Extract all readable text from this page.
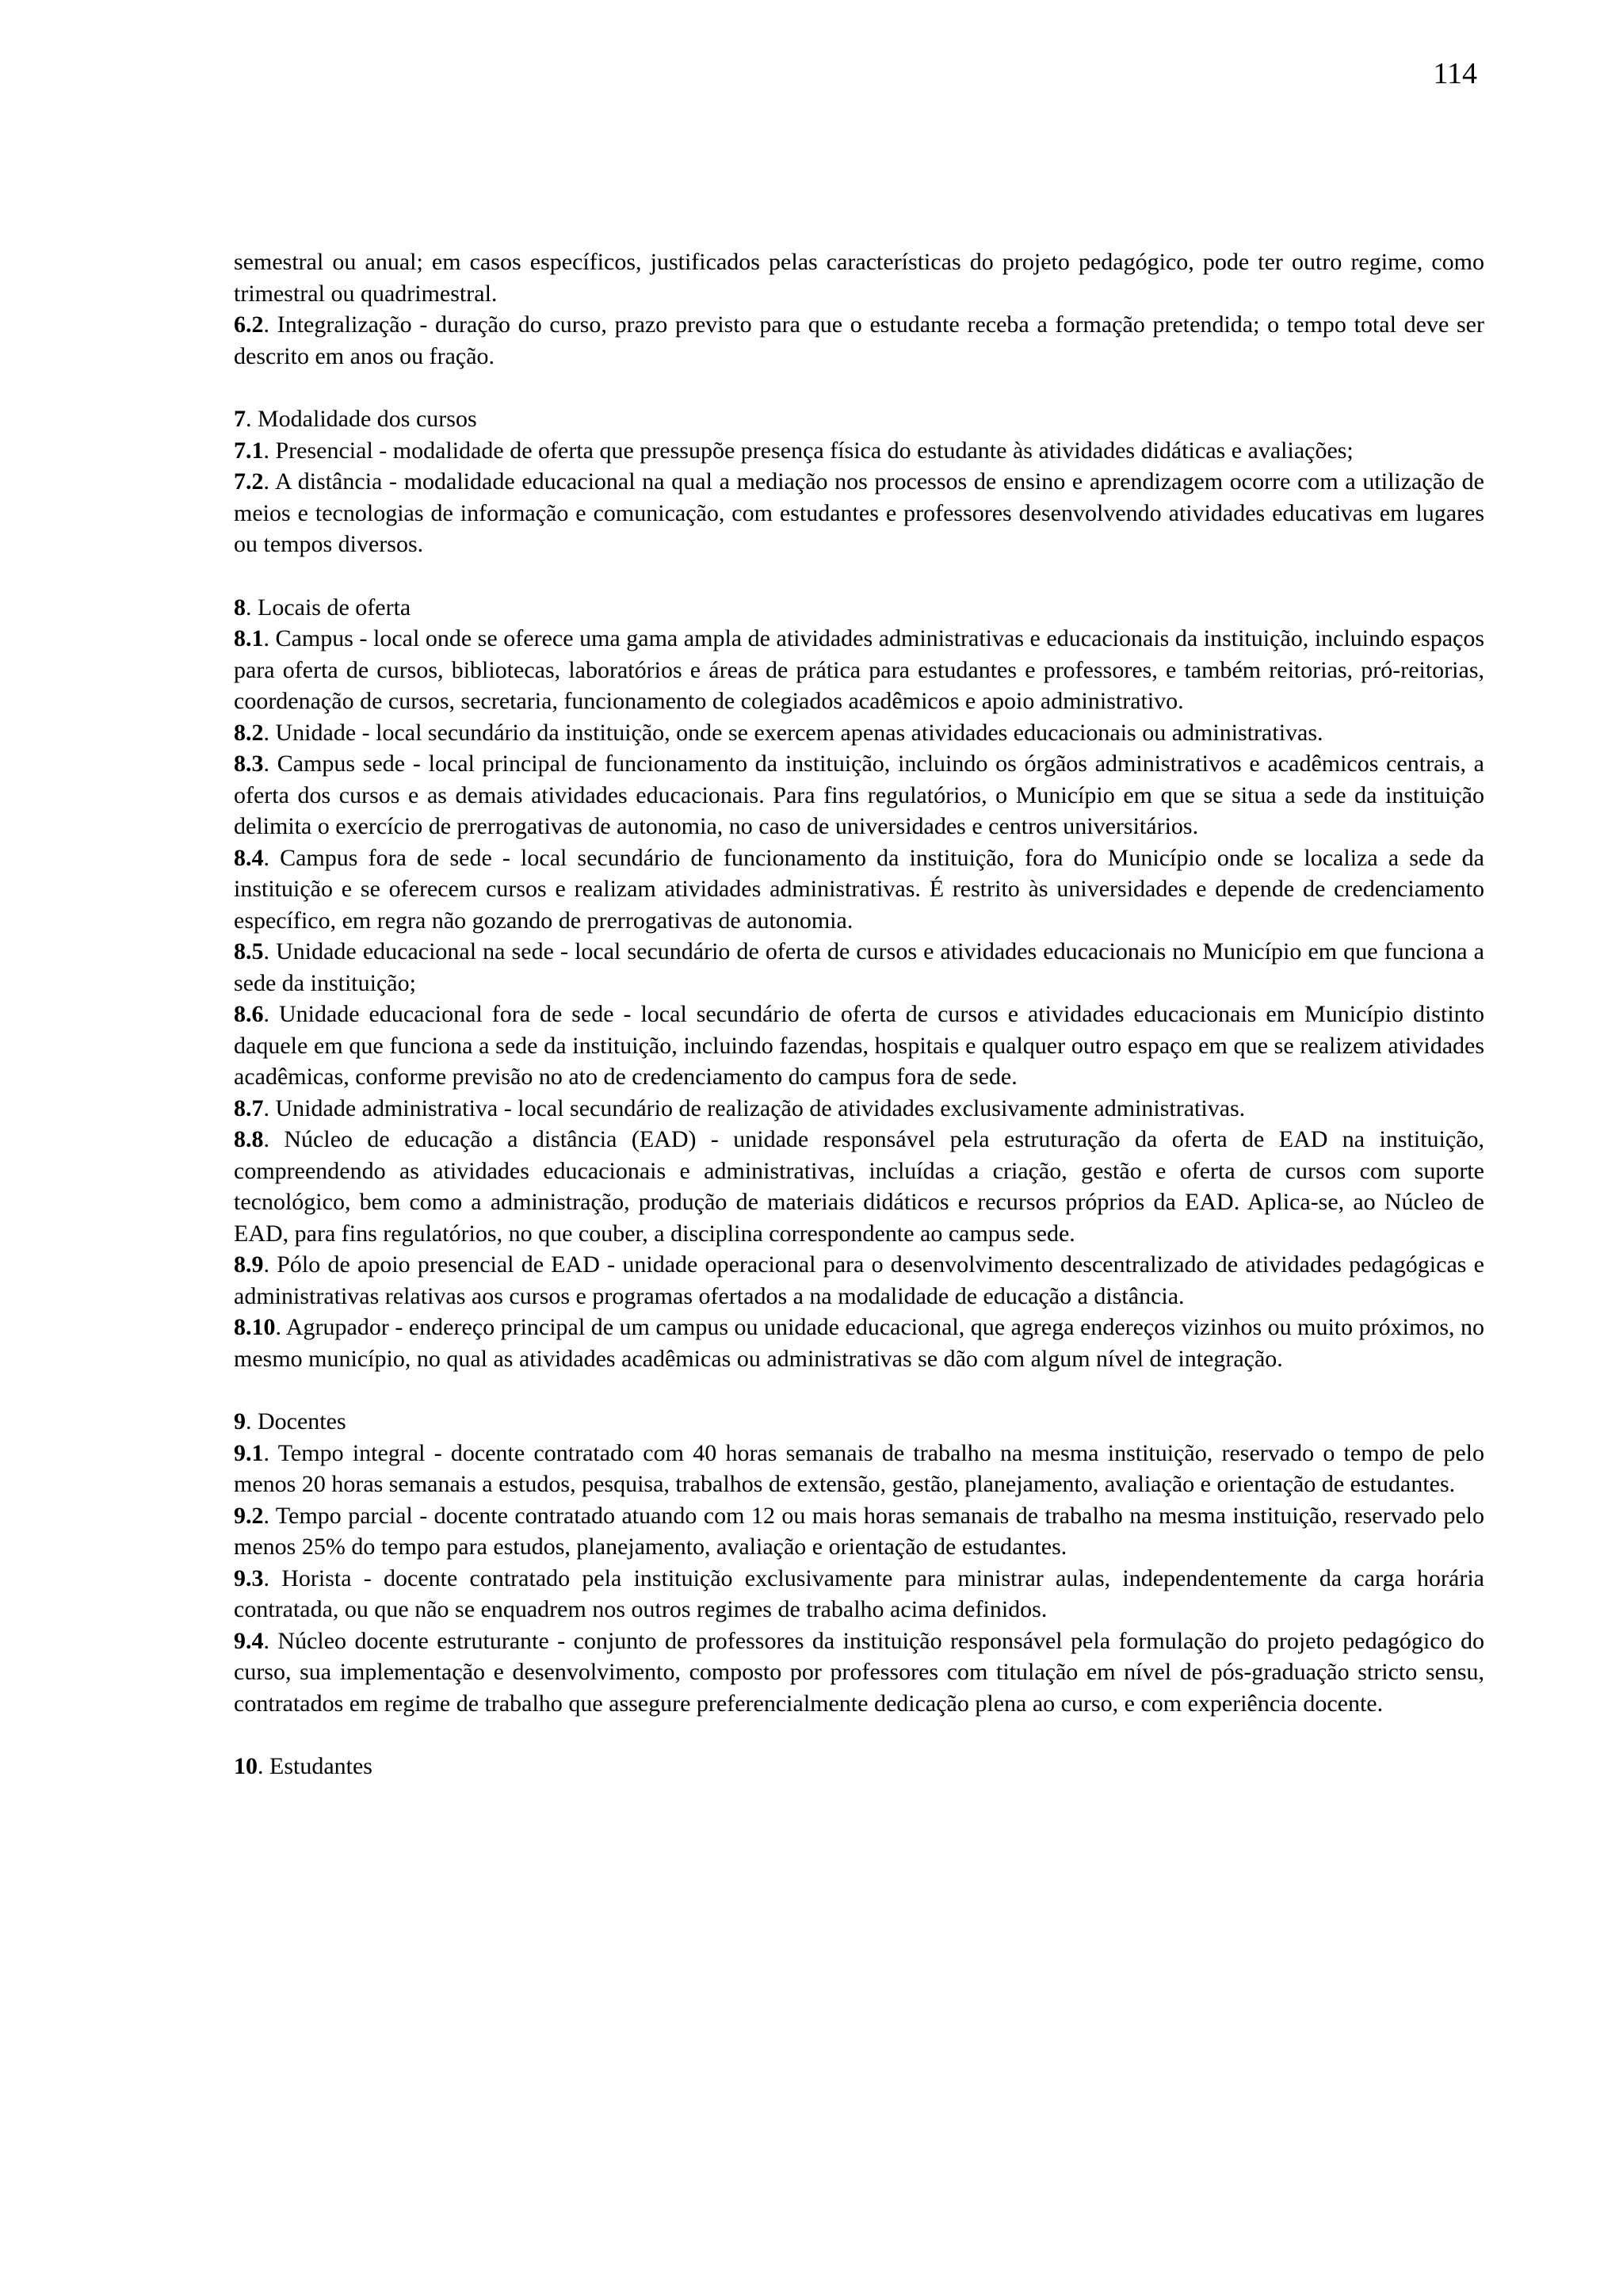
114

semestral ou anual; em casos específicos, justificados pelas características do projeto pedagógico, pode ter outro regime, como trimestral ou quadrimestral.

6.2. Integralização - duração do curso, prazo previsto para que o estudante receba a formação pretendida; o tempo total deve ser descrito em anos ou fração.

7. Modalidade dos cursos

7.1. Presencial - modalidade de oferta que pressupõe presença física do estudante às atividades didáticas e avaliações;

7.2. A distância - modalidade educacional na qual a mediação nos processos de ensino e aprendizagem ocorre com a utilização de meios e tecnologias de informação e comunicação, com estudantes e professores desenvolvendo atividades educativas em lugares ou tempos diversos.

8. Locais de oferta

8.1. Campus - local onde se oferece uma gama ampla de atividades administrativas e educacionais da instituição, incluindo espaços para oferta de cursos, bibliotecas, laboratórios e áreas de prática para estudantes e professores, e também reitorias, pró-reitorias, coordenação de cursos, secretaria, funcionamento de colegiados acadêmicos e apoio administrativo.

8.2. Unidade - local secundário da instituição, onde se exercem apenas atividades educacionais ou administrativas.

8.3. Campus sede - local principal de funcionamento da instituição, incluindo os órgãos administrativos e acadêmicos centrais, a oferta dos cursos e as demais atividades educacionais. Para fins regulatórios, o Município em que se situa a sede da instituição delimita o exercício de prerrogativas de autonomia, no caso de universidades e centros universitários.

8.4. Campus fora de sede - local secundário de funcionamento da instituição, fora do Município onde se localiza a sede da instituição e se oferecem cursos e realizam atividades administrativas. É restrito às universidades e depende de credenciamento específico, em regra não gozando de prerrogativas de autonomia.

8.5. Unidade educacional na sede - local secundário de oferta de cursos e atividades educacionais no Município em que funciona a sede da instituição;

8.6. Unidade educacional fora de sede - local secundário de oferta de cursos e atividades educacionais em Município distinto daquele em que funciona a sede da instituição, incluindo fazendas, hospitais e qualquer outro espaço em que se realizem atividades acadêmicas, conforme previsão no ato de credenciamento do campus fora de sede.

8.7. Unidade administrativa - local secundário de realização de atividades exclusivamente administrativas.

8.8. Núcleo de educação a distância (EAD) - unidade responsável pela estruturação da oferta de EAD na instituição, compreendendo as atividades educacionais e administrativas, incluídas a criação, gestão e oferta de cursos com suporte tecnológico, bem como a administração, produção de materiais didáticos e recursos próprios da EAD. Aplica-se, ao Núcleo de EAD, para fins regulatórios, no que couber, a disciplina correspondente ao campus sede.

8.9. Pólo de apoio presencial de EAD - unidade operacional para o desenvolvimento descentralizado de atividades pedagógicas e administrativas relativas aos cursos e programas ofertados a na modalidade de educação a distância.

8.10. Agrupador - endereço principal de um campus ou unidade educacional, que agrega endereços vizinhos ou muito próximos, no mesmo município, no qual as atividades acadêmicas ou administrativas se dão com algum nível de integração.

9. Docentes

9.1. Tempo integral - docente contratado com 40 horas semanais de trabalho na mesma instituição, reservado o tempo de pelo menos 20 horas semanais a estudos, pesquisa, trabalhos de extensão, gestão, planejamento, avaliação e orientação de estudantes.

9.2. Tempo parcial - docente contratado atuando com 12 ou mais horas semanais de trabalho na mesma instituição, reservado pelo menos 25% do tempo para estudos, planejamento, avaliação e orientação de estudantes.

9.3. Horista - docente contratado pela instituição exclusivamente para ministrar aulas, independentemente da carga horária contratada, ou que não se enquadrem nos outros regimes de trabalho acima definidos.

9.4. Núcleo docente estruturante - conjunto de professores da instituição responsável pela formulação do projeto pedagógico do curso, sua implementação e desenvolvimento, composto por professores com titulação em nível de pós-graduação stricto sensu, contratados em regime de trabalho que assegure preferencialmente dedicação plena ao curso, e com experiência docente.

10. Estudantes
